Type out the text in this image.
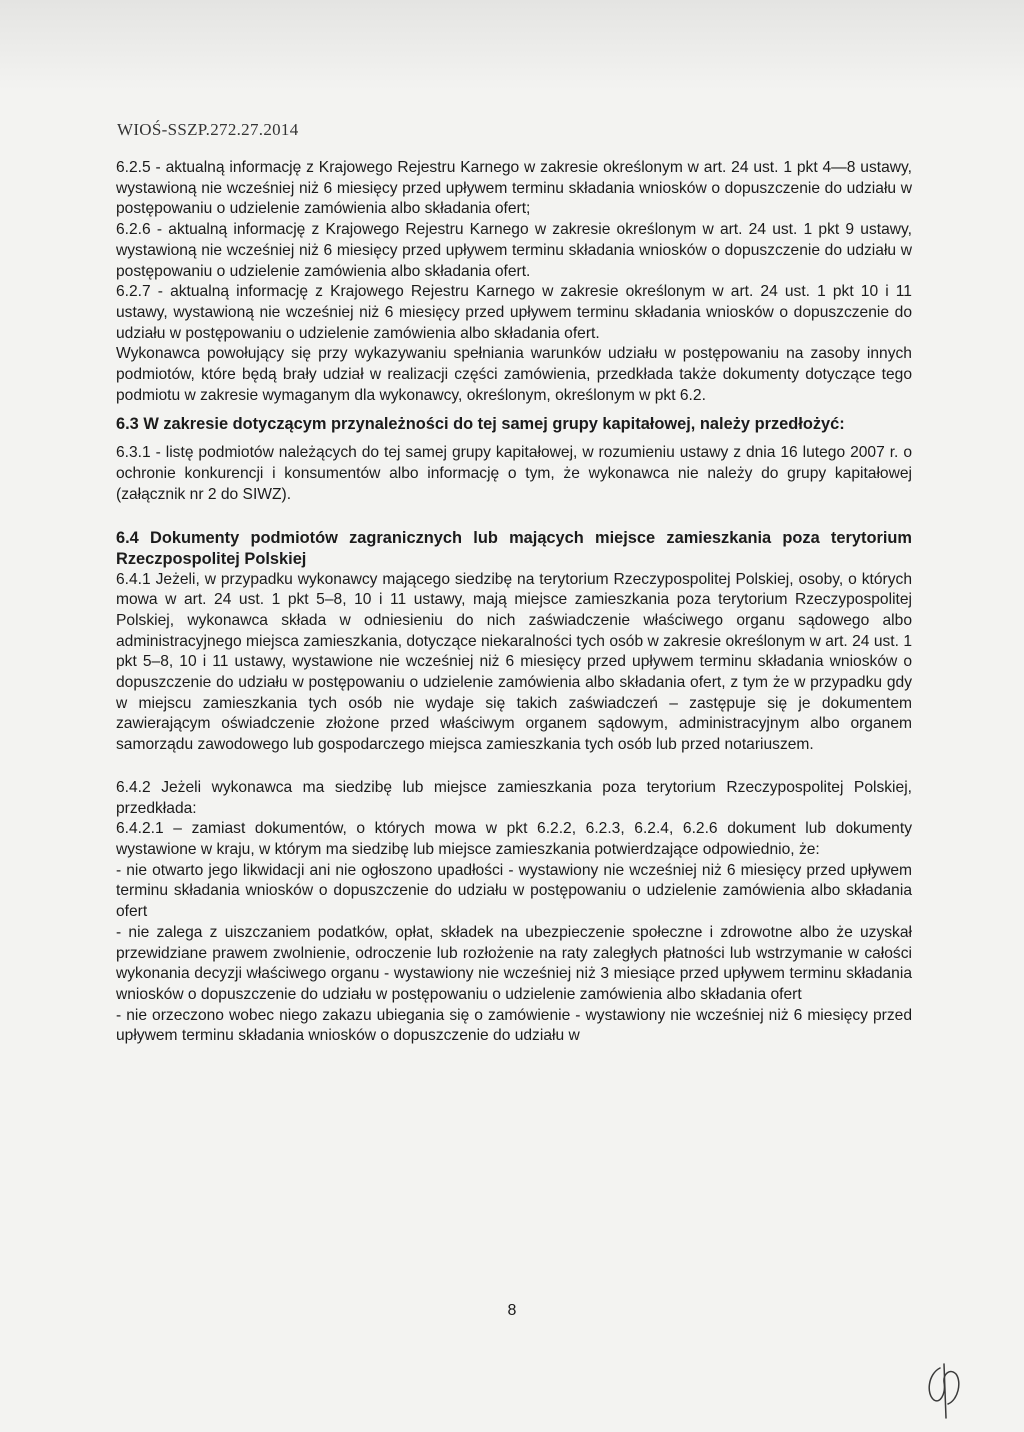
WIOŚ-SSZP.272.27.2014

6.2.5 - aktualną informację z Krajowego Rejestru Karnego w zakresie określonym w art. 24 ust. 1 pkt 4—8 ustawy, wystawioną nie wcześniej niż 6 miesięcy przed upływem terminu składania wniosków o dopuszczenie do udziału w postępowaniu o udzielenie zamówienia albo składania ofert;

6.2.6 - aktualną informację z Krajowego Rejestru Karnego w zakresie określonym w art. 24 ust. 1 pkt 9 ustawy, wystawioną nie wcześniej niż 6 miesięcy przed upływem terminu składania wniosków o dopuszczenie do udziału w postępowaniu o udzielenie zamówienia albo składania ofert.

6.2.7 - aktualną informację z Krajowego Rejestru Karnego w zakresie określonym w art. 24 ust. 1 pkt 10 i 11 ustawy, wystawioną nie wcześniej niż 6 miesięcy przed upływem terminu składania wniosków o dopuszczenie do udziału w postępowaniu o udzielenie zamówienia albo składania ofert.

Wykonawca powołujący się przy wykazywaniu spełniania warunków udziału w postępowaniu na zasoby innych podmiotów, które będą brały udział w realizacji części zamówienia, przedkłada także dokumenty dotyczące tego podmiotu w zakresie wymaganym dla wykonawcy, określonym, określonym w pkt 6.2.

6.3 W zakresie dotyczącym przynależności do tej samej grupy kapitałowej, należy przedłożyć:

6.3.1 - listę podmiotów należących do tej samej grupy kapitałowej, w rozumieniu ustawy z dnia 16 lutego 2007 r. o ochronie konkurencji i konsumentów albo informację o tym, że wykonawca nie należy do grupy kapitałowej (załącznik nr 2 do SIWZ).

6.4 Dokumenty podmiotów zagranicznych lub mających miejsce zamieszkania poza terytorium Rzeczpospolitej Polskiej

6.4.1 Jeżeli, w przypadku wykonawcy mającego siedzibę na terytorium Rzeczypospolitej Polskiej, osoby, o których mowa w art. 24 ust. 1 pkt 5–8, 10 i 11 ustawy, mają miejsce zamieszkania poza terytorium Rzeczypospolitej Polskiej, wykonawca składa w odniesieniu do nich zaświadczenie właściwego organu sądowego albo administracyjnego miejsca zamieszkania, dotyczące niekaralności tych osób w zakresie określonym w art. 24 ust. 1 pkt 5–8, 10 i 11 ustawy, wystawione nie wcześniej niż 6 miesięcy przed upływem terminu składania wniosków o dopuszczenie do udziału w postępowaniu o udzielenie zamówienia albo składania ofert, z tym że w przypadku gdy w miejscu zamieszkania tych osób nie wydaje się takich zaświadczeń – zastępuje się je dokumentem zawierającym oświadczenie złożone przed właściwym organem sądowym, administracyjnym albo organem samorządu zawodowego lub gospodarczego miejsca zamieszkania tych osób lub przed notariuszem.

6.4.2 Jeżeli wykonawca ma siedzibę lub miejsce zamieszkania poza terytorium Rzeczypospolitej Polskiej, przedkłada:

6.4.2.1 – zamiast dokumentów, o których mowa w pkt 6.2.2, 6.2.3, 6.2.4, 6.2.6 dokument lub dokumenty wystawione w kraju, w którym ma siedzibę lub miejsce zamieszkania potwierdzające odpowiednio, że:

- nie otwarto jego likwidacji ani nie ogłoszono upadłości - wystawiony nie wcześniej niż 6 miesięcy przed upływem terminu składania wniosków o dopuszczenie do udziału w postępowaniu o udzielenie zamówienia albo składania ofert

- nie zalega z uiszczaniem podatków, opłat, składek na ubezpieczenie społeczne i zdrowotne albo że uzyskał przewidziane prawem zwolnienie, odroczenie lub rozłożenie na raty zaległych płatności lub wstrzymanie w całości wykonania decyzji właściwego organu - wystawiony nie wcześniej niż 3 miesiące przed upływem terminu składania wniosków o dopuszczenie do udziału w postępowaniu o udzielenie zamówienia albo składania ofert

- nie orzeczono wobec niego zakazu ubiegania się o zamówienie - wystawiony nie wcześniej niż 6 miesięcy przed upływem terminu składania wniosków o dopuszczenie do udziału w

8
